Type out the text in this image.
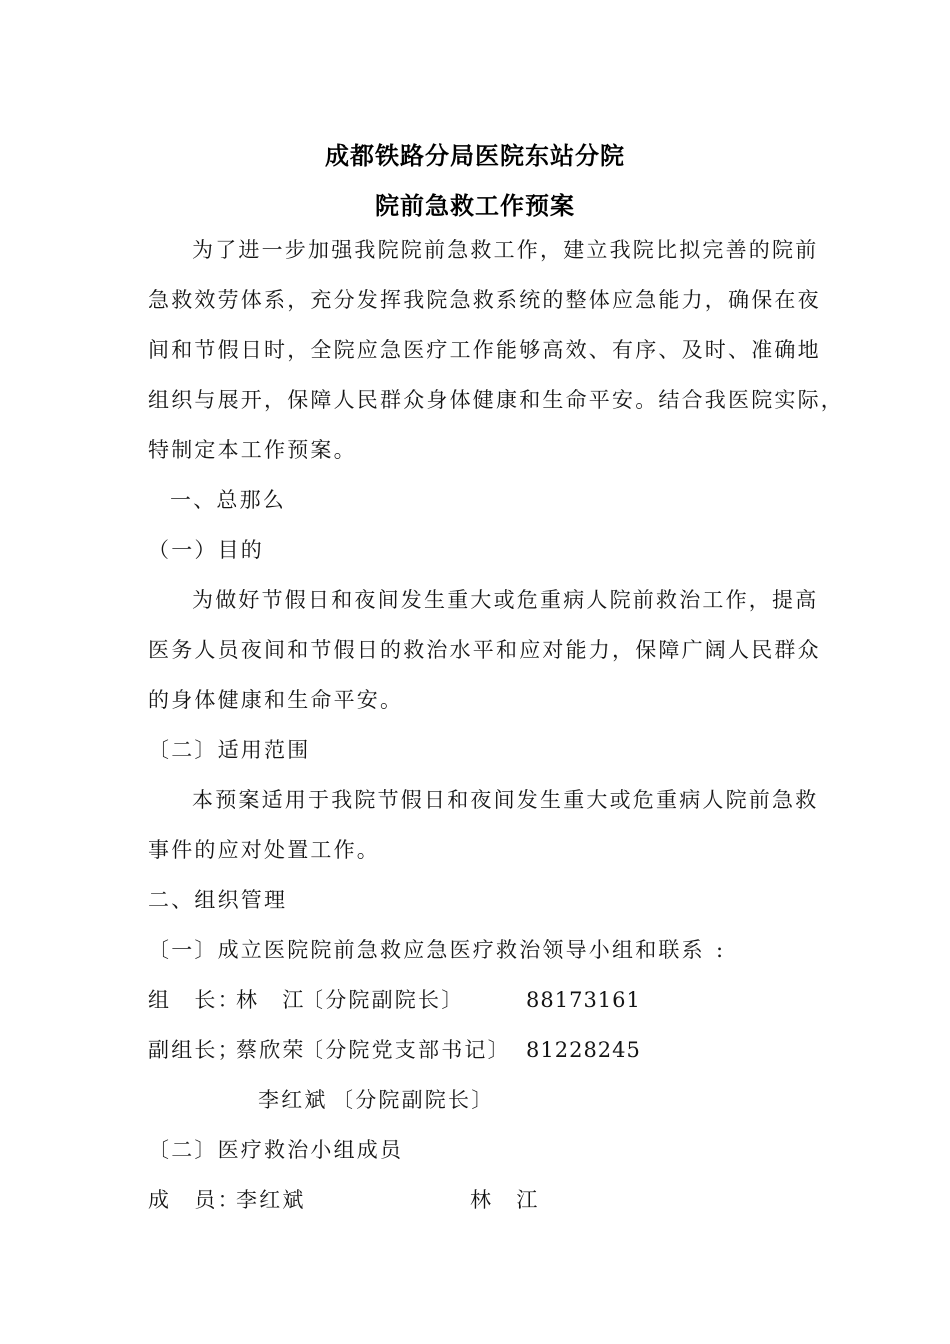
成都铁路分局医院东站分院
院前急救工作预案
为了进一步加强我院院前急救工作，建立我院比拟完善的院前
急救效劳体系，充分发挥我院急救系统的整体应急能力，确保在夜
间和节假日时，全院应急医疗工作能够高效、有序、及时、准确地
组织与展开，保障人民群众身体健康和生命平安。结合我医院实际，
特制定本工作预案。
一、总那么
（一）目的
为做好节假日和夜间发生重大或危重病人院前救治工作，提高
医务人员夜间和节假日的救治水平和应对能力，保障广阔人民群众
的身体健康和生命平安。
〔二〕适用范围
本预案适用于我院节假日和夜间发生重大或危重病人院前急救
事件的应对处置工作。
二、组织管理
〔一〕成立医院院前急救应急医疗救治领导小组和联系 :
组　长：
林　江
〔分院副院长〕	88173161
副组长；
蔡欣荣
〔分院党支部书记〕 81228245
李红斌 〔分院副院长〕
〔二〕医疗救治小组成员
成　员：
李红斌	林　江
